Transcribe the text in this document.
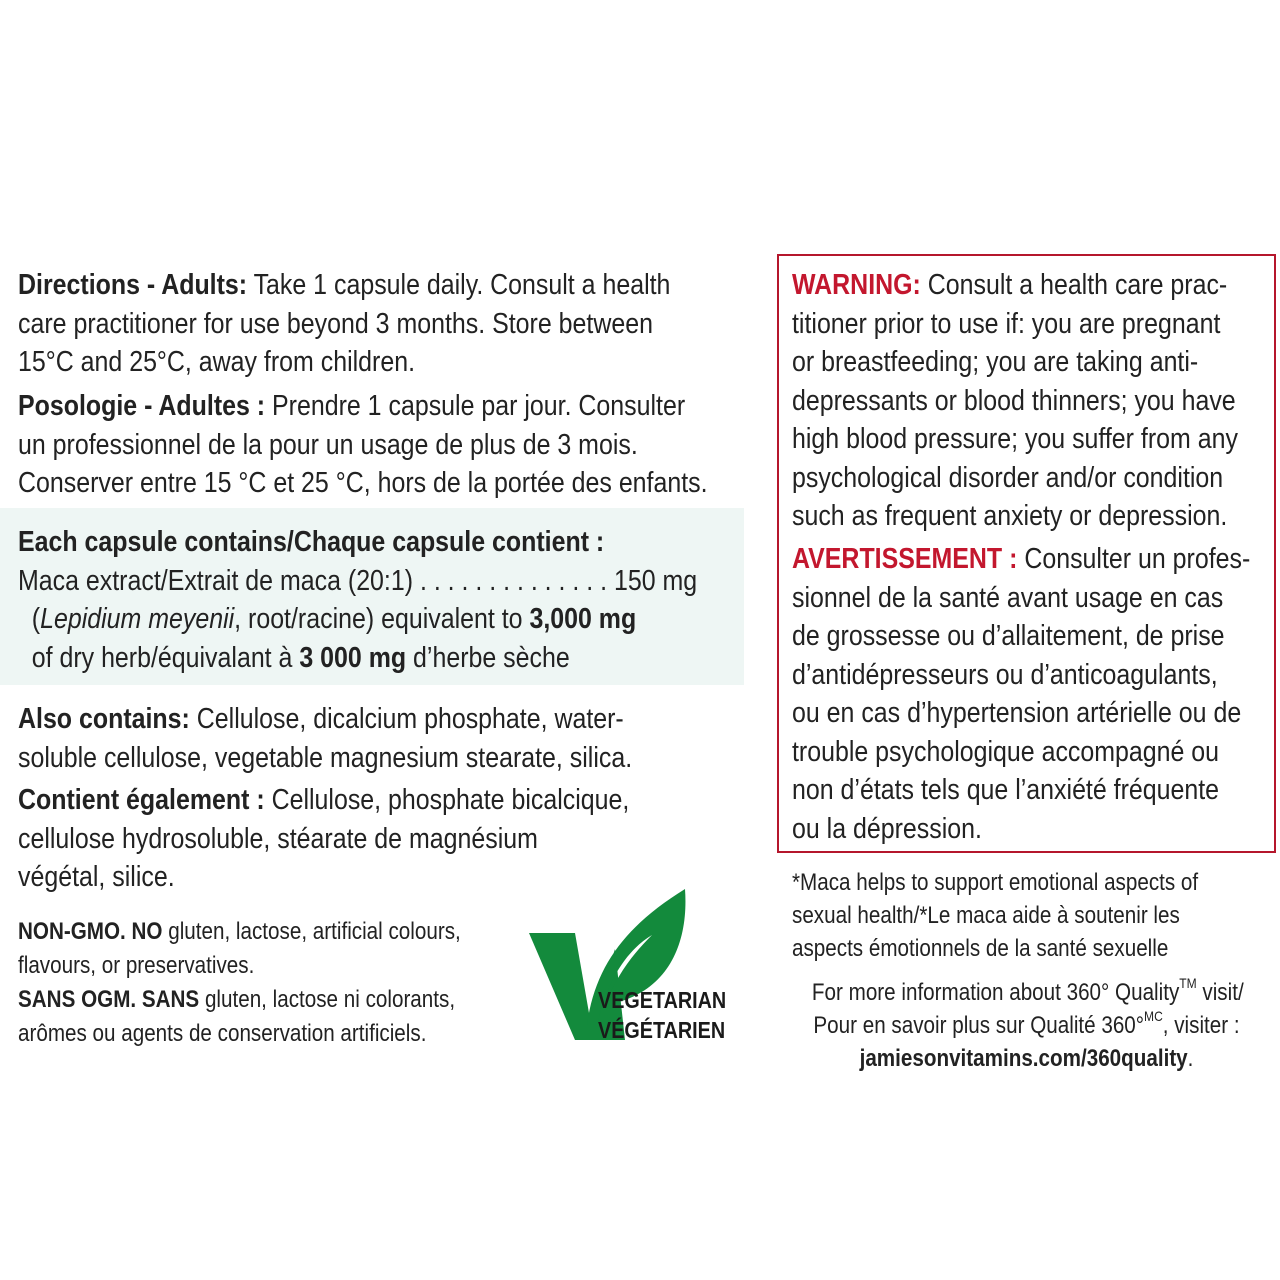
Directions - Adults: Take 1 capsule daily. Consult a health
care practitioner for use beyond 3 months. Store between
15°C and 25°C, away from children.
Posologie - Adultes : Prendre 1 capsule par jour. Consulter
un professionnel de la pour un usage de plus de 3 mois.
Conserver entre 15 °C et 25 °C, hors de la portée des enfants.
Each capsule contains/Chaque capsule contient :
Maca extract/Extrait de maca (20:1) . . . . . . . . . . . . . . 150 mg
(Lepidium meyenii, root/racine) equivalent to 3,000 mg
of dry herb/équivalant à 3 000 mg d’herbe sèche
Also contains: Cellulose, dicalcium phosphate, water-
soluble cellulose, vegetable magnesium stearate, silica.
Contient également : Cellulose, phosphate bicalcique,
cellulose hydrosoluble, stéarate de magnésium
végétal, silice.
NON-GMO. NO gluten, lactose, artificial colours,
flavours, or preservatives.
SANS OGM. SANS gluten, lactose ni colorants,
arômes ou agents de conservation artificiels.
VEGETARIAN
VÉGÉTARIEN
WARNING: Consult a health care prac-
titioner prior to use if: you are pregnant
or breastfeeding; you are taking anti-
depressants or blood thinners; you have
high blood pressure; you suffer from any
psychological disorder and/or condition
such as frequent anxiety or depression.
AVERTISSEMENT : Consulter un profes-
sionnel de la santé avant usage en cas
de grossesse ou d’allaitement, de prise
d’antidépresseurs ou d’anticoagulants,
ou en cas d’hypertension artérielle ou de
trouble psychologique accompagné ou
non d’états tels que l’anxiété fréquente
ou la dépression.
*Maca helps to support emotional aspects of
sexual health/*Le maca aide à soutenir les
aspects émotionnels de la santé sexuelle
For more information about 360° Quality™ visit/
Pour en savoir plus sur Qualité 360°$^{MC}$, visiter :
jamiesonvitamins.com/360quality.
